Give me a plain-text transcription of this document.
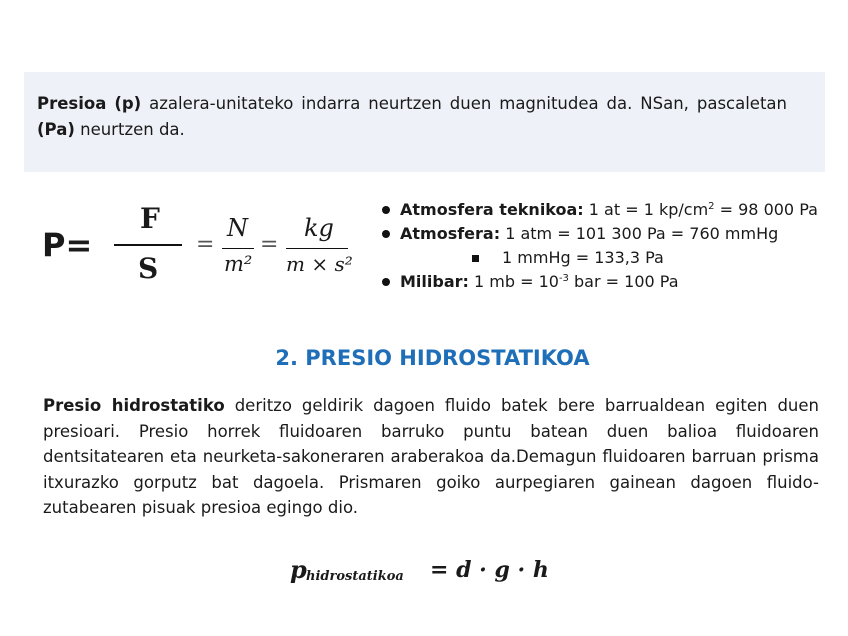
Presioa (p) azalera-unitateko indarra neurtzen duen magnitudea da. NSan, pascaletan (Pa) neurtzen da.

P=
F
S
=
N
m²
=
kg
m × s²
Atmosfera teknikoa: 1 at = 1 $kp/cm^2 = 98$ 000 Pa
Atmosfera: 1 atm = 101 300 Pa = 760 mmHg
1 mmHg = 133,3 Pa
Milibar: 1 mb = $10^{-3}$ bar = 100 Pa
2. PRESIO HIDROSTATIKOA

Presio hidrostatiko deritzo geldirik dagoen fluido batek bere barrualdean egiten duen presioari. Presio horrek fluidoaren barruko puntu batean duen balioa fluidoaren dentsitatearen eta neurketa-sakoneraren araberakoa da.Demagun fluidoaren barruan prisma itxurazko gorputz bat dagoela. Prismaren goiko aurpegiaren gainean dagoen fluido-zutabearen pisuak presioa egingo dio.

p hidrostatikoa = d · g · h
